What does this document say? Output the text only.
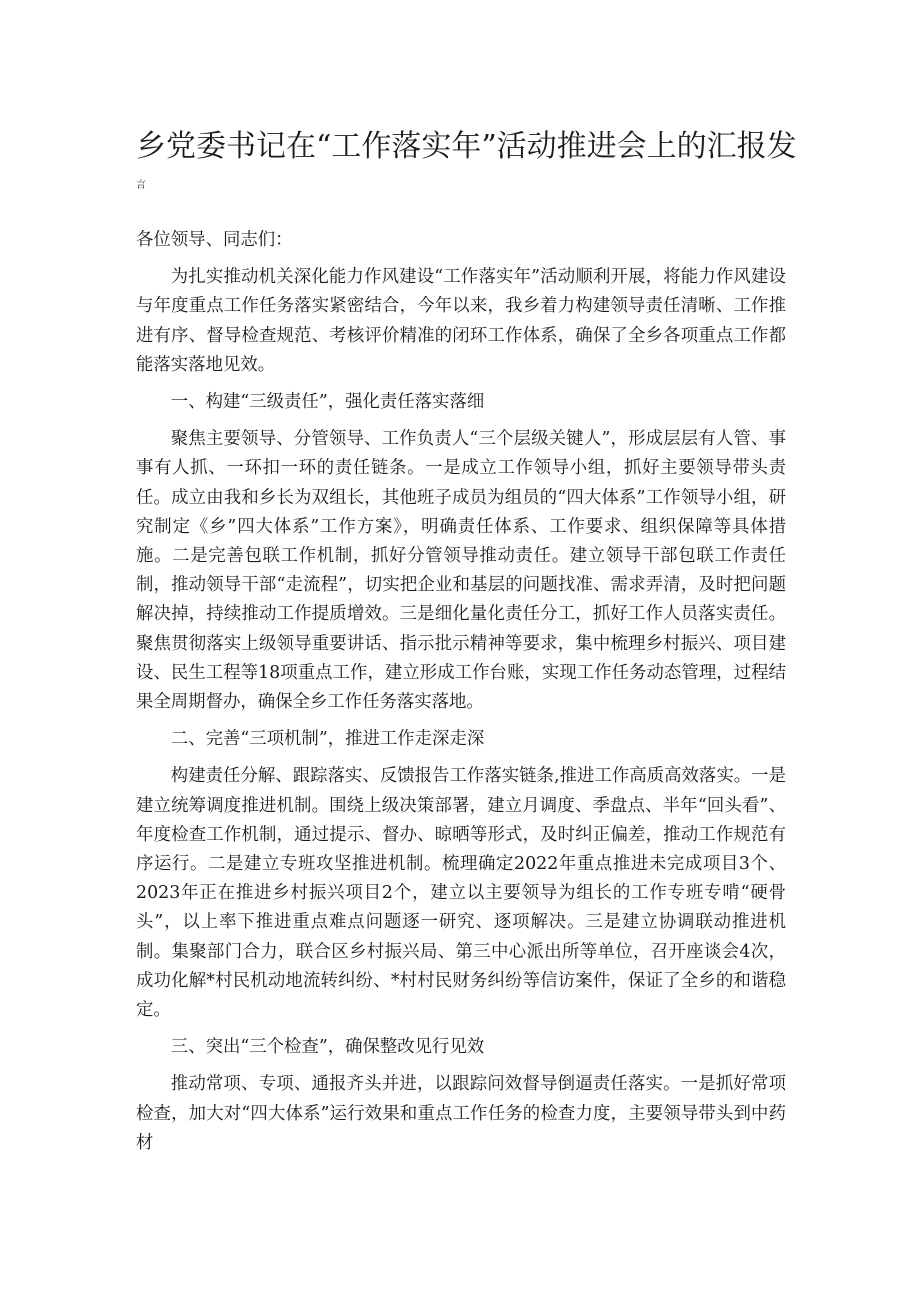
乡党委书记在“工作落实年”活动推进会上的汇报发
言

各位领导、同志们：

为扎实推动机关深化能力作风建设“工作落实年”活动顺利开展，将能力作风建设与年度重点工作任务落实紧密结合，今年以来，我乡着力构建领导责任清晰、工作推进有序、督导检查规范、考核评价精准的闭环工作体系，确保了全乡各项重点工作都能落实落地见效。

一、构建“三级责任”，强化责任落实落细

聚焦主要领导、分管领导、工作负责人“三个层级关键人”，形成层层有人管、事事有人抓、一环扣一环的责任链条。一是成立工作领导小组，抓好主要领导带头责任。成立由我和乡长为双组长，其他班子成员为组员的“四大体系”工作领导小组，研究制定《乡”四大体系”工作方案》，明确责任体系、工作要求、组织保障等具体措施。二是完善包联工作机制，抓好分管领导推动责任。建立领导干部包联工作责任制，推动领导干部“走流程”，切实把企业和基层的问题找准、需求弄清，及时把问题解决掉，持续推动工作提质增效。三是细化量化责任分工，抓好工作人员落实责任。聚焦贯彻落实上级领导重要讲话、指示批示精神等要求，集中梳理乡村振兴、项目建设、民生工程等18项重点工作，建立形成工作台账，实现工作任务动态管理，过程结果全周期督办，确保全乡工作任务落实落地。

二、完善“三项机制”，推进工作走深走深

构建责任分解、跟踪落实、反馈报告工作落实链条,推进工作高质高效落实。一是建立统筹调度推进机制。围绕上级决策部署，建立月调度、季盘点、半年“回头看”、年度检查工作机制，通过提示、督办、晾晒等形式，及时纠正偏差，推动工作规范有序运行。二是建立专班攻坚推进机制。梳理确定2022年重点推进未完成项目3个、2023年正在推进乡村振兴项目2个，建立以主要领导为组长的工作专班专啃“硬骨头”，以上率下推进重点难点问题逐一研究、逐项解决。三是建立协调联动推进机制。集聚部门合力，联合区乡村振兴局、第三中心派出所等单位，召开座谈会4次，成功化解*村民机动地流转纠纷、*村村民财务纠纷等信访案件，保证了全乡的和谐稳定。

三、突出“三个检查”，确保整改见行见效

推动常项、专项、通报齐头并进，以跟踪问效督导倒逼责任落实。一是抓好常项检查，加大对“四大体系”运行效果和重点工作任务的检查力度，主要领导带头到中药材
